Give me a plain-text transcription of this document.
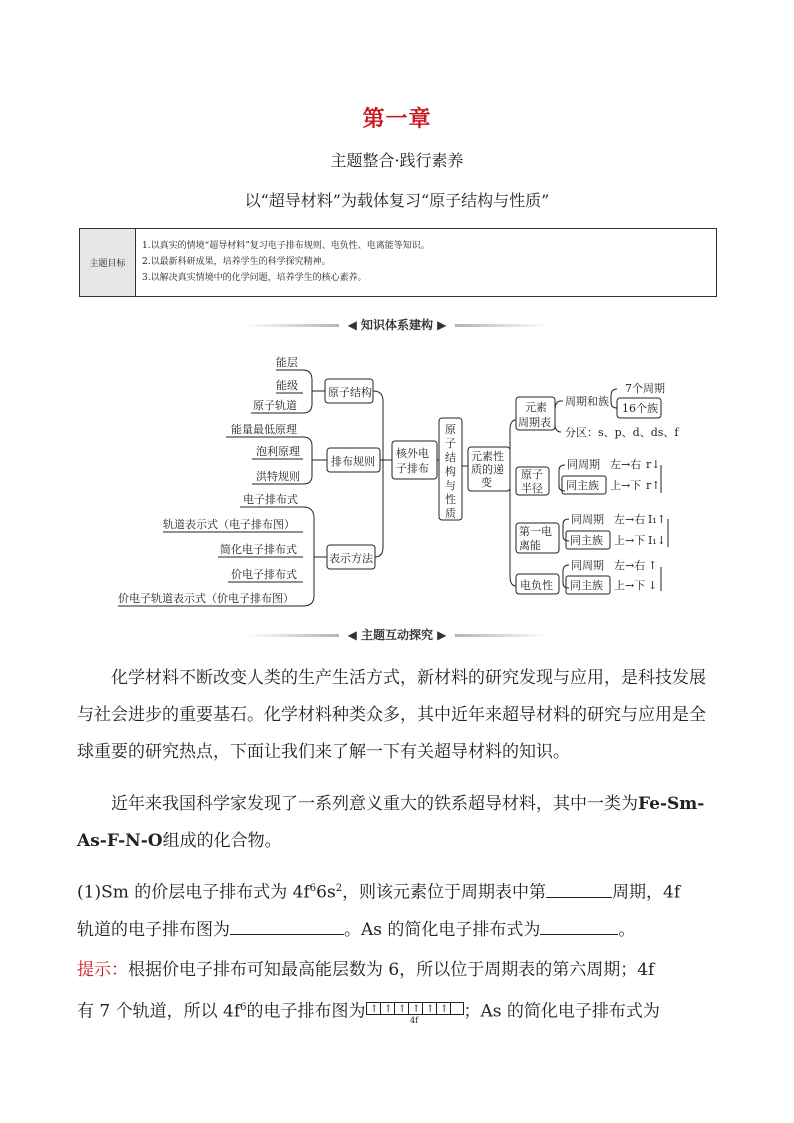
第一章
主题整合·践行素养
以“超导材料”为载体复习“原子结构与性质”
主题目标
1.以真实的情境“超导材料”复习电子排布规则、电负性、电离能等知识。
2.以最新科研成果，培养学生的科学探究精神。
3.以解决真实情境中的化学问题，培养学生的核心素养。
◀ 知识体系建构 ▶
能层
能级
原子轨道
能量最低原理
泡利原理
洪特规则
电子排布式
轨道表示式（电子排布图）
简化电子排布式
价电子排布式
价电子轨道表示式（价电子排布图）
原子结构
排布规则
表示方法
核外电
子排布
原
子
结
构
与
性
质
元素性
质的递
变
元素
周期表
周期和族
7个周期
16个族
分区：s、p、d、ds、f
原子
半径
同周期 左→右 r↓
同主族 上→下 r↑
第一电
离能
同周期 左→右 I₁↑
同主族 上→下 I₁↓
电负性
同周期 左→右 ↑
同主族 上→下 ↓
◀ 主题互动探究 ▶
化学材料不断改变人类的生产生活方式，新材料的研究发现与应用，是科技发展与社会进步的重要基石。化学材料种类众多，其中近年来超导材料的研究与应用是全球重要的研究热点，下面让我们来了解一下有关超导材料的知识。
近年来我国科学家发现了一系列意义重大的铁系超导材料，其中一类为Fe-Sm-As-F-N-O组成的化合物。
(1)Sm 的价层电子排布式为 $4f^66s^2$，则该元素位于周期表中第	周期，4f
轨道的电子排布图为	。As 的简化电子排布式为	。
提示：根据价电子排布可知最高能层数为 6，所以位于周期表的第六周期；4f
有 7 个轨道，所以 $4f^6$的电子排布图为 ↑ ↑ ↑ ↑ ↑ ↑
4f	；As 的简化电子排布式为
